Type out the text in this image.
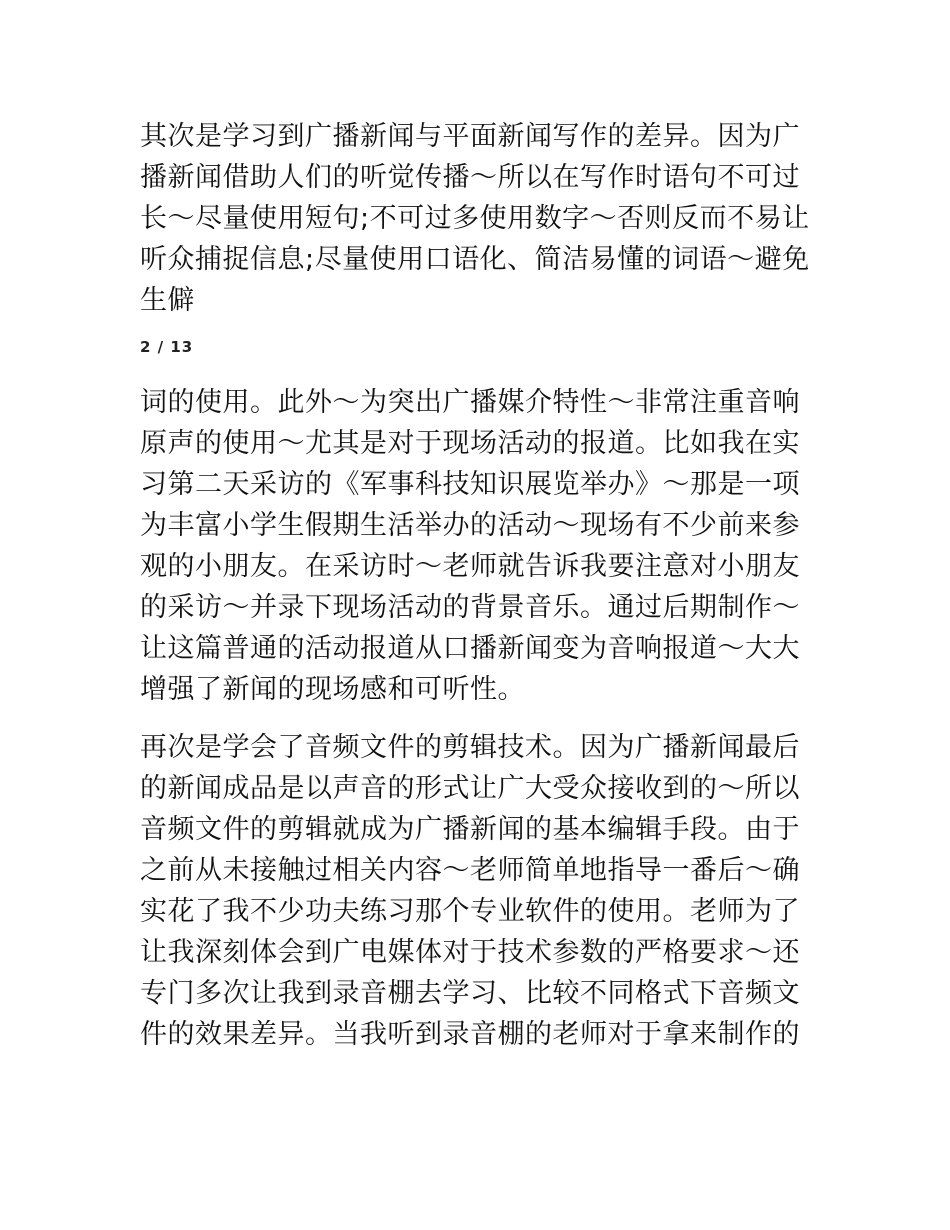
其次是学习到广播新闻与平面新闻写作的差异。因为广
播新闻借助人们的听觉传播～所以在写作时语句不可过
长～尽量使用短句;不可过多使用数字～否则反而不易让
听众捕捉信息;尽量使用口语化、简洁易懂的词语～避免
生僻
2 / 13
词的使用。此外～为突出广播媒介特性～非常注重音响
原声的使用～尤其是对于现场活动的报道。比如我在实
习第二天采访的《军事科技知识展览举办》～那是一项
为丰富小学生假期生活举办的活动～现场有不少前来参
观的小朋友。在采访时～老师就告诉我要注意对小朋友
的采访～并录下现场活动的背景音乐。通过后期制作～
让这篇普通的活动报道从口播新闻变为音响报道～大大
增强了新闻的现场感和可听性。
再次是学会了音频文件的剪辑技术。因为广播新闻最后
的新闻成品是以声音的形式让广大受众接收到的～所以
音频文件的剪辑就成为广播新闻的基本编辑手段。由于
之前从未接触过相关内容～老师简单地指导一番后～确
实花了我不少功夫练习那个专业软件的使用。老师为了
让我深刻体会到广电媒体对于技术参数的严格要求～还
专门多次让我到录音棚去学习、比较不同格式下音频文
件的效果差异。当我听到录音棚的老师对于拿来制作的
